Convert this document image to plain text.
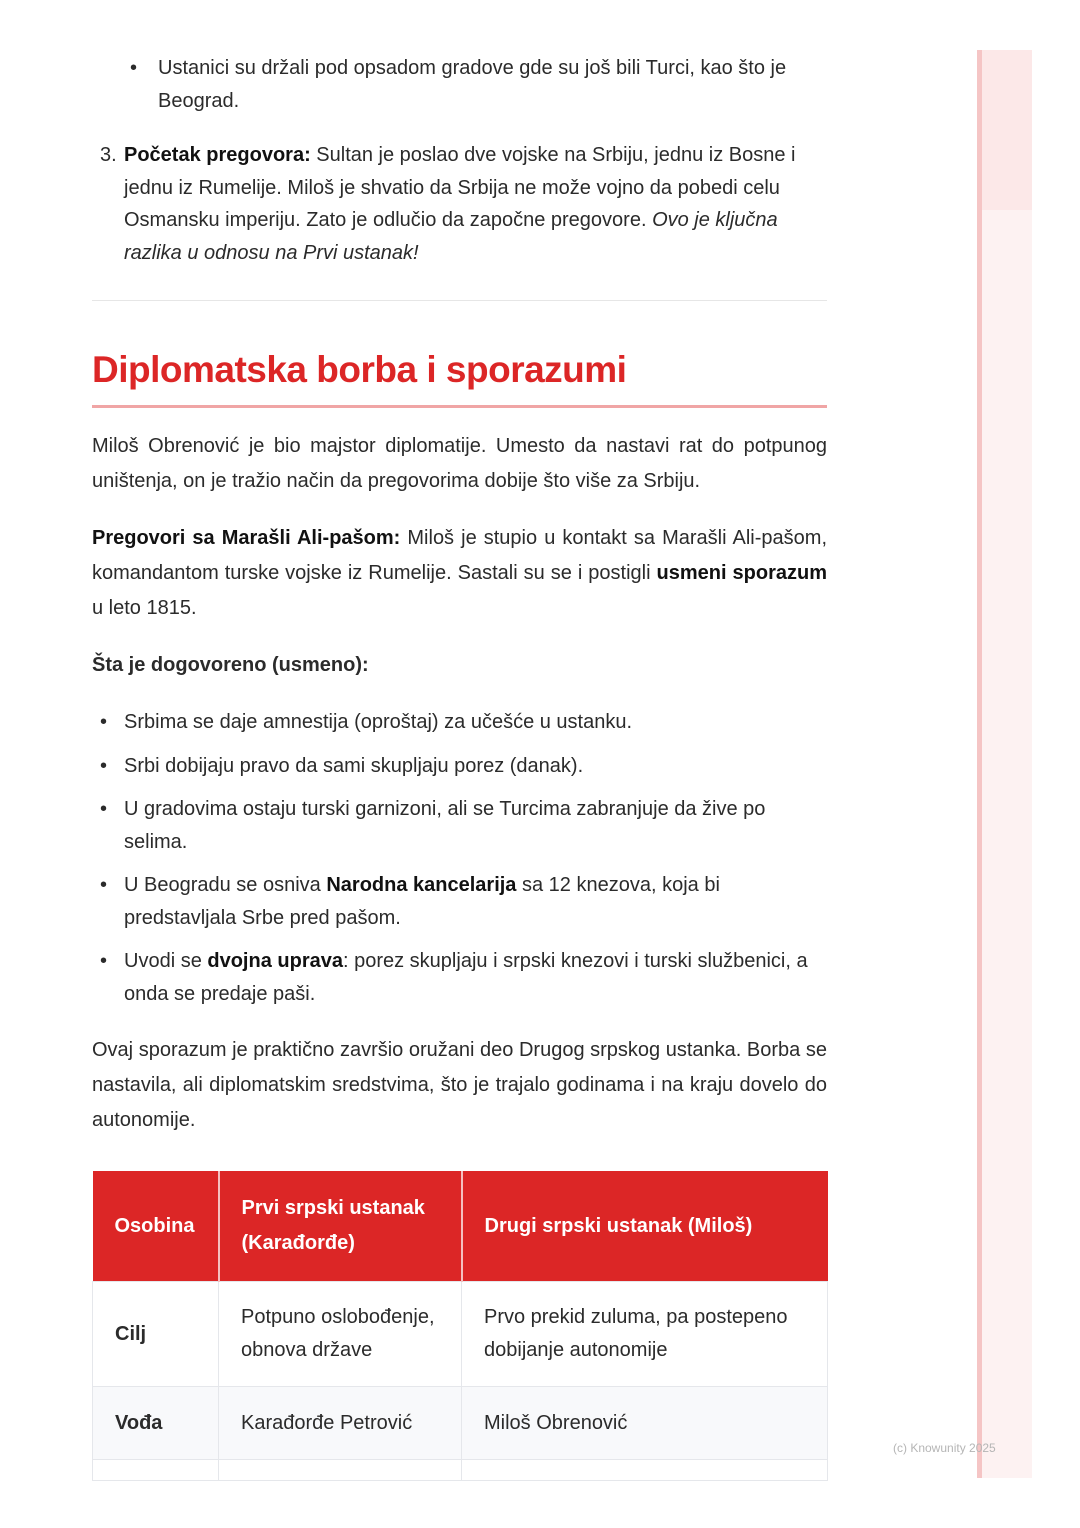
• Ustanici su držali pod opsadom gradove gde su još bili Turci, kao što je Beograd.
3. Početak pregovora: Sultan je poslao dve vojske na Srbiju, jednu iz Bosne i jednu iz Rumelije. Miloš je shvatio da Srbija ne može vojno da pobedi celu Osmansku imperiju. Zato je odlučio da započne pregovore. Ovo je ključna razlika u odnosu na Prvi ustanak!
Diplomatska borba i sporazumi
Miloš Obrenović je bio majstor diplomatije. Umesto da nastavi rat do potpunog uništenja, on je tražio način da pregovorima dobije što više za Srbiju.
Pregovori sa Marašli Ali-pašom: Miloš je stupio u kontakt sa Marašli Ali-pašom, komandantom turske vojske iz Rumelije. Sastali su se i postigli usmeni sporazum u leto 1815.
Šta je dogovoreno (usmeno):
• Srbima se daje amnestija (oproštaj) za učešće u ustanku.
• Srbi dobijaju pravo da sami skupljaju porez (danak).
• U gradovima ostaju turski garnizoni, ali se Turcima zabranjuje da žive po selima.
• U Beogradu se osniva Narodna kancelarija sa 12 knezova, koja bi predstavljala Srbe pred pašom.
• Uvodi se dvojna uprava: porez skupljaju i srpski knezovi i turski službenici, a onda se predaje paši.
Ovaj sporazum je praktično završio oružani deo Drugog srpskog ustanka. Borba se nastavila, ali diplomatskim sredstvima, što je trajalo godinama i na kraju dovelo do autonomije.
Osobina	Prvi srpski ustanak (Karađorđe)	Drugi srpski ustanak (Miloš)
Cilj	Potpuno oslobođenje, obnova države	Prvo prekid zuluma, pa postepeno dobijanje autonomije
Vođa	Karađorđe Petrović	Miloš Obrenović

(c) Knowunity 2025
